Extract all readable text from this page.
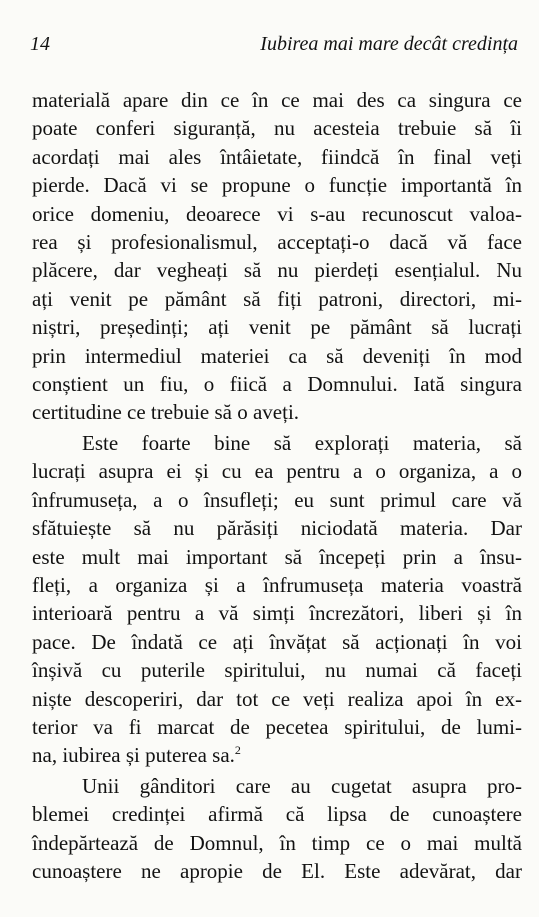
14	Iubirea mai mare decât credința
materială apare din ce în ce mai des ca singura ce
poate conferi siguranță, nu acesteia trebuie să îi
acordați mai ales întâietate, fiindcă în final veți
pierde. Dacă vi se propune o funcție importantă în
orice domeniu, deoarece vi s-au recunoscut valoa-
rea și profesionalismul, acceptați-o dacă vă face
plăcere, dar vegheați să nu pierdeți esențialul. Nu
ați venit pe pământ să fiți patroni, directori, mi-
niștri, președinți; ați venit pe pământ să lucrați
prin intermediul materiei ca să deveniți în mod
conștient un fiu, o fiică a Domnului. Iată singura
certitudine ce trebuie să o aveți.
Este foarte bine să explorați materia, să
lucrați asupra ei și cu ea pentru a o organiza, a o
înfrumuseța, a o însufleți; eu sunt primul care vă
sfătuiește să nu părăsiți niciodată materia. Dar
este mult mai important să începeți prin a însu-
fleți, a organiza și a înfrumuseța materia voastră
interioară pentru a vă simți încrezători, liberi și în
pace. De îndată ce ați învățat să acționați în voi
înșivă cu puterile spiritului, nu numai că faceți
niște descoperiri, dar tot ce veți realiza apoi în ex-
terior va fi marcat de pecetea spiritului, de lumi-
na, iubirea și puterea sa.$^2$
Unii gânditori care au cugetat asupra pro-
blemei credinței afirmă că lipsa de cunoaștere
îndepărtează de Domnul, în timp ce o mai multă
cunoaștere ne apropie de El. Este adevărat, dar
